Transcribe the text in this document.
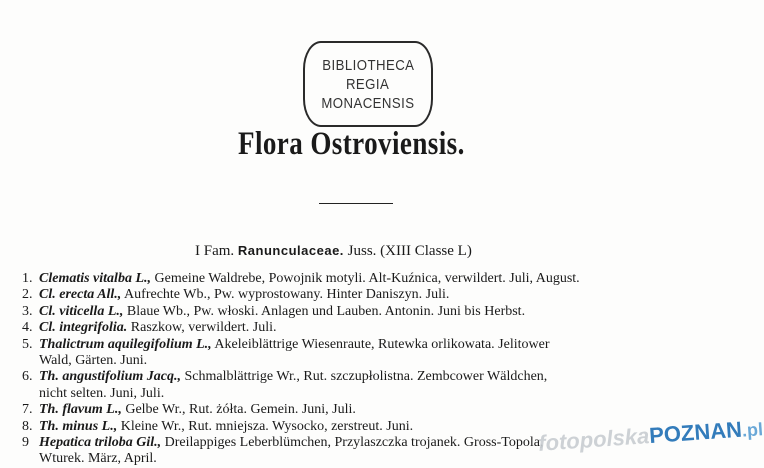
BIBLIOTHECA
REGIA
MONACENSIS
Flora Ostroviensis.
I Fam. Ranunculaceae. Juss. (XIII Classe L)
1. Clematis vitalba L., Gemeine Waldrebe, Powojnik motyli. Alt-Kuźnica, verwildert. Juli, August.
2. Cl. erecta All., Aufrechte Wb., Pw. wyprostowany. Hinter Daniszyn. Juli.
3. Cl. viticella L., Blaue Wb., Pw. włoski. Anlagen und Lauben. Antonin. Juni bis Herbst.
4. Cl. integrifolia. Raszkow, verwildert. Juli.
5. Thalictrum aquilegifolium L., Akeleiblättrige Wiesenraute, Rutewka orlikowata. Jelitower
Wald, Gärten. Juni.
6. Th. angustifolium Jacq., Schmalblättrige Wr., Rut. szczupłolistna. Zembcower Wäldchen,
nicht selten. Juni, Juli.
7. Th. flavum L., Gelbe Wr., Rut. żółta. Gemein. Juni, Juli.
8. Th. minus L., Kleine Wr., Rut. mniejsza. Wysocko, zerstreut. Juni.
9 Hepatica triloba Gil., Dreilappiges Leberblümchen, Przylaszczka trojanek. Gross-Topola,
Wturek. März, April.
fotopolskaPOZNAN.pl
